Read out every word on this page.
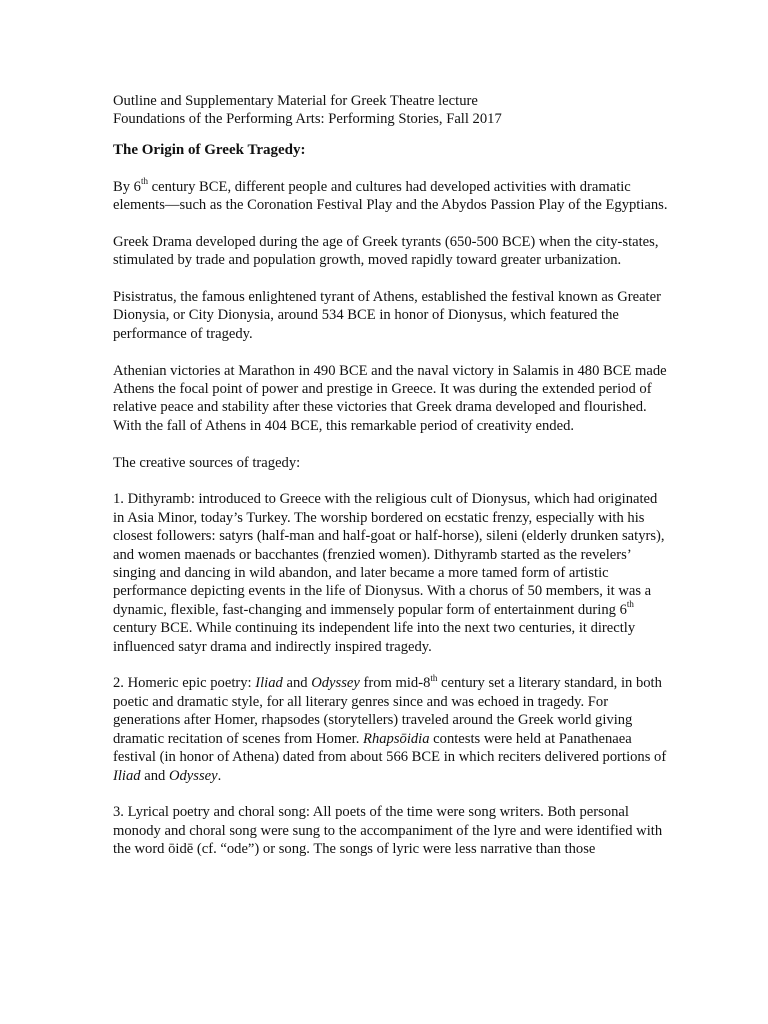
Outline and Supplementary Material for Greek Theatre lecture

Foundations of the Performing Arts: Performing Stories, Fall 2017

The Origin of Greek Tragedy:

By 6th century BCE, different people and cultures had developed activities with dramatic elements—such as the Coronation Festival Play and the Abydos Passion Play of the Egyptians.

Greek Drama developed during the age of Greek tyrants (650-500 BCE) when the city-states, stimulated by trade and population growth, moved rapidly toward greater urbanization.

Pisistratus, the famous enlightened tyrant of Athens, established the festival known as Greater Dionysia, or City Dionysia, around 534 BCE in honor of Dionysus, which featured the performance of tragedy.

Athenian victories at Marathon in 490 BCE and the naval victory in Salamis in 480 BCE made Athens the focal point of power and prestige in Greece. It was during the extended period of relative peace and stability after these victories that Greek drama developed and flourished. With the fall of Athens in 404 BCE, this remarkable period of creativity ended.

The creative sources of tragedy:

1. Dithyramb: introduced to Greece with the religious cult of Dionysus, which had originated in Asia Minor, today’s Turkey. The worship bordered on ecstatic frenzy, especially with his closest followers: satyrs (half-man and half-goat or half-horse), sileni (elderly drunken satyrs), and women maenads or bacchantes (frenzied women). Dithyramb started as the revelers’ singing and dancing in wild abandon, and later became a more tamed form of artistic performance depicting events in the life of Dionysus. With a chorus of 50 members, it was a dynamic, flexible, fast-changing and immensely popular form of entertainment during 6th century BCE. While continuing its independent life into the next two centuries, it directly influenced satyr drama and indirectly inspired tragedy.

2. Homeric epic poetry: Iliad and Odyssey from mid-8th century set a literary standard, in both poetic and dramatic style, for all literary genres since and was echoed in tragedy. For generations after Homer, rhapsodes (storytellers) traveled around the Greek world giving dramatic recitation of scenes from Homer. Rhapsōidia contests were held at Panathenaea festival (in honor of Athena) dated from about 566 BCE in which reciters delivered portions of Iliad and Odyssey.

3. Lyrical poetry and choral song: All poets of the time were song writers. Both personal monody and choral song were sung to the accompaniment of the lyre and were identified with the word ōidē (cf. “ode”) or song. The songs of lyric were less narrative than those
